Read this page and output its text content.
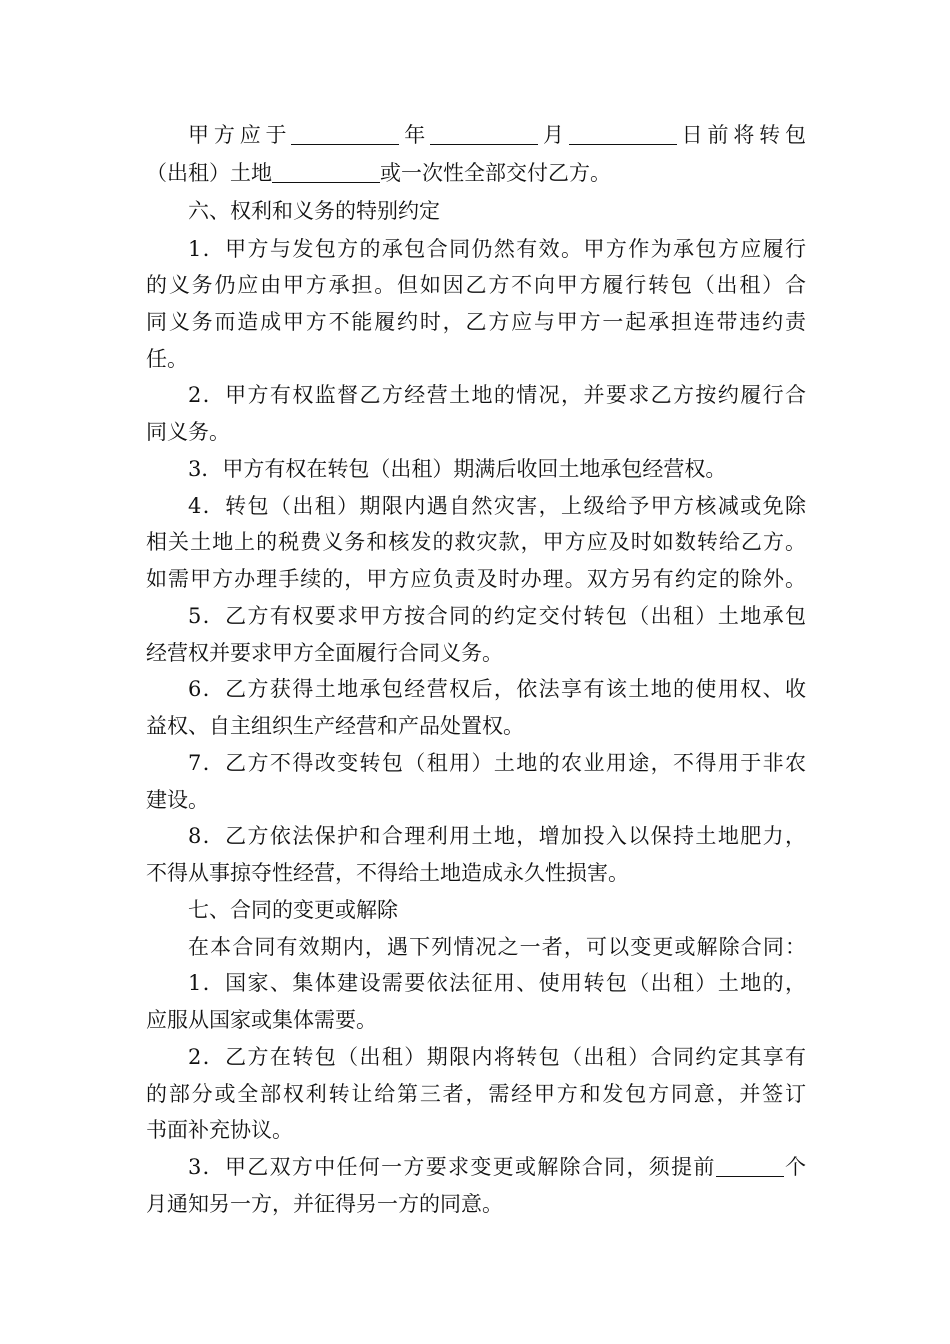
甲方应于	年	月	日前将转包
（出租）土地	或一次性全部交付乙方。
六、权利和义务的特别约定
1．甲方与发包方的承包合同仍然有效。甲方作为承包方应履行
的义务仍应由甲方承担。但如因乙方不向甲方履行转包（出租）合
同义务而造成甲方不能履约时，乙方应与甲方一起承担连带违约责
任。
2．甲方有权监督乙方经营土地的情况，并要求乙方按约履行合
同义务。
3．甲方有权在转包（出租）期满后收回土地承包经营权。
4．转包（出租）期限内遇自然灾害，上级给予甲方核减或免除
相关土地上的税费义务和核发的救灾款，甲方应及时如数转给乙方。
如需甲方办理手续的，甲方应负责及时办理。双方另有约定的除外。
5．乙方有权要求甲方按合同的约定交付转包（出租）土地承包
经营权并要求甲方全面履行合同义务。
6．乙方获得土地承包经营权后，依法享有该土地的使用权、收
益权、自主组织生产经营和产品处置权。
7．乙方不得改变转包（租用）土地的农业用途，不得用于非农
建设。
8．乙方依法保护和合理利用土地，增加投入以保持土地肥力，
不得从事掠夺性经营，不得给土地造成永久性损害。
七、合同的变更或解除
在本合同有效期内，遇下列情况之一者，可以变更或解除合同：
1．国家、集体建设需要依法征用、使用转包（出租）土地的，
应服从国家或集体需要。
2．乙方在转包（出租）期限内将转包（出租）合同约定其享有
的部分或全部权利转让给第三者，需经甲方和发包方同意，并签订
书面补充协议。
3．甲乙双方中任何一方要求变更或解除合同，须提前	个
月通知另一方，并征得另一方的同意。
